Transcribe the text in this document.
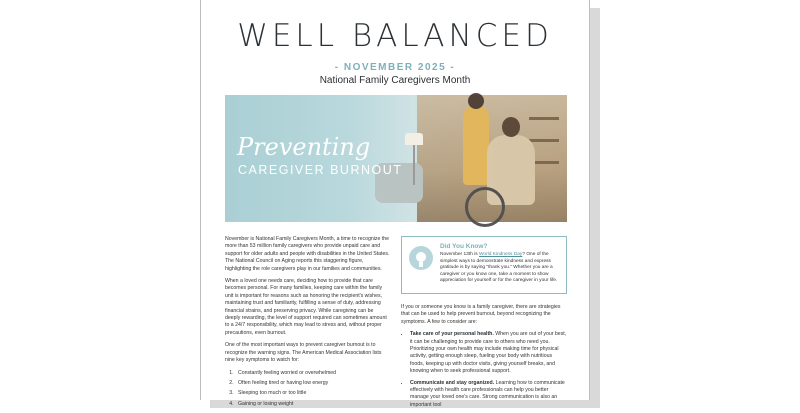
WELL BALANCED
- NOVEMBER 2025 -
National Family Caregivers Month
Preventing
CAREGIVER BURNOUT

November is National Family Caregivers Month, a time to recognize the more than 53 million family caregivers who provide unpaid care and support for older adults and people with disabilities in the United States. The National Council on Aging reports this staggering figure, highlighting the role caregivers play in our families and communities.

When a loved one needs care, deciding how to provide that care becomes personal. For many families, keeping care within the family unit is important for reasons such as honoring the recipient's wishes, maintaining trust and familiarity, fulfilling a sense of duty, addressing financial strains, and preserving privacy. While caregiving can be deeply rewarding, the level of support required can sometimes amount to a 24/7 responsibility, which may lead to stress and, without proper precautions, even burnout.

One of the most important ways to prevent caregiver burnout is to recognize the warning signs. The American Medical Association lists nine key symptoms to watch for:

1. Constantly feeling worried or overwhelmed
2. Often feeling tired or having low energy
3. Sleeping too much or too little
4. Gaining or losing weight
Did You Know?
November 13th is World Kindness Day? One of the simplest ways to demonstrate kindness and express gratitude is by saying "thank you." Whether you are a caregiver or you know one, take a moment to show appreciation for yourself or for the caregiver in your life.

If you or someone you know is a family caregiver, there are strategies that can be used to help prevent burnout, beyond recognizing the symptoms. A few to consider are:

• Take care of your personal health. When you are out of your best, it can be challenging to provide care to others who need you. Prioritizing your own health may include making time for physical activity, getting enough sleep, fueling your body with nutritious foods, keeping up with doctor visits, giving yourself breaks, and knowing when to seek professional support.
• Communicate and stay organized. Learning how to communicate effectively with health care professionals can help you better manage your loved one's care. Strong communication is also an important tool
